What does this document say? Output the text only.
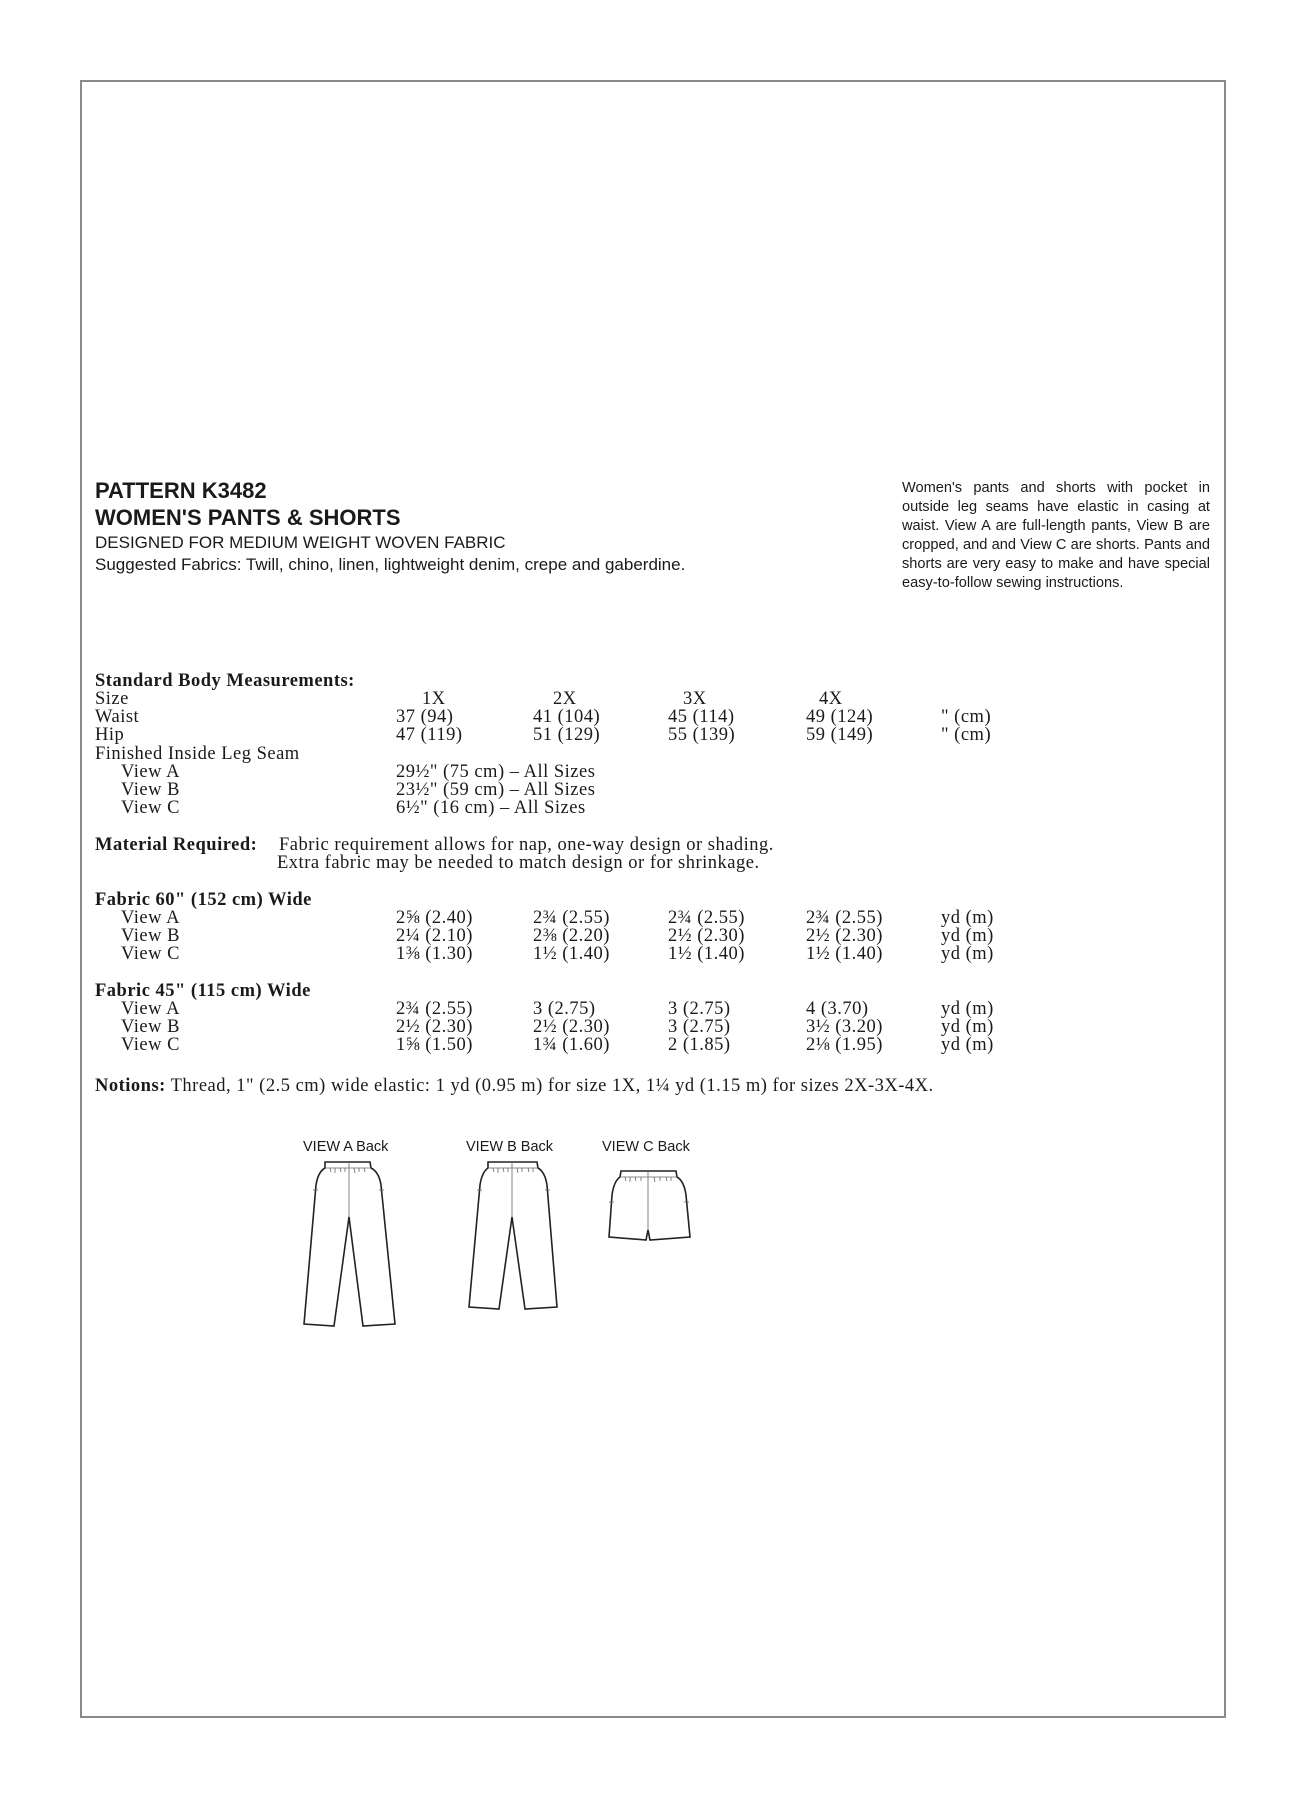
PATTERN K3482
WOMEN'S PANTS & SHORTS
DESIGNED FOR MEDIUM WEIGHT WOVEN FABRIC
Suggested Fabrics: Twill, chino, linen, lightweight denim, crepe and gaberdine.
Women's pants and shorts with pocket in outside leg seams have elastic in casing at waist. View A are full-length pants, View B are cropped, and and View C are shorts. Pants and shorts are very easy to make and have special easy-to-follow sewing instructions.
Standard Body Measurements:
Size	1X	2X	3X	4X
Waist	37 (94)	41 (104)	45 (114)	49 (124)	" (cm)
Hip	47 (119)	51 (129)	55 (139)	59 (149)	" (cm)
Finished Inside Leg Seam
View A	29½" (75 cm) – All Sizes
View B	23½" (59 cm) – All Sizes
View C	6½" (16 cm) – All Sizes
Material Required: Fabric requirement allows for nap, one-way design or shading.
Extra fabric may be needed to match design or for shrinkage.
Fabric 60" (152 cm) Wide
View A	2⅝ (2.40)	2¾ (2.55)	2¾ (2.55)	2¾ (2.55)	yd (m)
View B	2¼ (2.10)	2⅜ (2.20)	2½ (2.30)	2½ (2.30)	yd (m)
View C	1⅜ (1.30)	1½ (1.40)	1½ (1.40)	1½ (1.40)	yd (m)
Fabric 45" (115 cm) Wide
View A	2¾ (2.55)	3 (2.75)	3 (2.75)	4 (3.70)	yd (m)
View B	2½ (2.30)	2½ (2.30)	3 (2.75)	3½ (3.20)	yd (m)
View C	1⅝ (1.50)	1¾ (1.60)	2 (1.85)	2⅛ (1.95)	yd (m)
Notions: Thread, 1" (2.5 cm) wide elastic: 1 yd (0.95 m) for size 1X, 1¼ yd (1.15 m) for sizes 2X-3X-4X.
VIEW A Back	VIEW B Back	VIEW C Back
